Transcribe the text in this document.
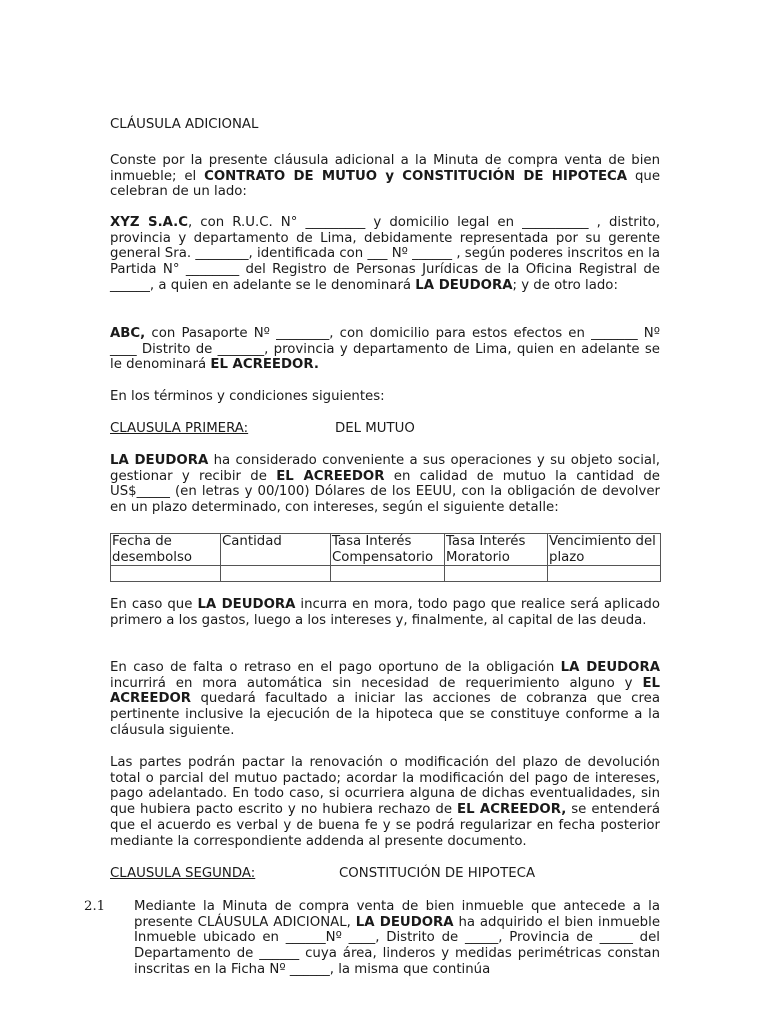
CLÁUSULA ADICIONAL

Conste por la presente cláusula adicional a la Minuta de compra venta de bien inmueble; el CONTRATO DE MUTUO y CONSTITUCIÓN DE HIPOTECA que celebran de un lado:

XYZ S.A.C, con R.U.C. N° _________ y domicilio legal en __________ , distrito, provincia y departamento de Lima, debidamente representada por su gerente general Sra. ________, identificada con ___ Nº ______ , según poderes inscritos en la Partida N° ________ del Registro de Personas Jurídicas de la Oficina Registral de ______, a quien en adelante se le denominará LA DEUDORA; y de otro lado:

ABC, con Pasaporte Nº ________, con domicilio para estos efectos en _______ Nº ____ Distrito de _______, provincia y departamento de Lima, quien en adelante se le denominará EL ACREEDOR.

En los términos y condiciones siguientes:

CLAUSULA PRIMERA:	DEL MUTUO

LA DEUDORA ha considerado conveniente a sus operaciones y su objeto social, gestionar y recibir de EL ACREEDOR en calidad de mutuo la cantidad de US$_____ (en letras y 00/100) Dólares de los EEUU, con la obligación de devolver en un plazo determinado, con intereses, según el siguiente detalle:

Fecha de desembolso	Cantidad	Tasa Interés Compensatorio	Tasa Interés Moratorio	Vencimiento del plazo

En caso que LA DEUDORA incurra en mora, todo pago que realice será aplicado primero a los gastos, luego a los intereses y, finalmente, al capital de las deuda.

En caso de falta o retraso en el pago oportuno de la obligación LA DEUDORA incurrirá en mora automática sin necesidad de requerimiento alguno y EL ACREEDOR quedará facultado a iniciar las acciones de cobranza que crea pertinente inclusive la ejecución de la hipoteca que se constituye conforme a la cláusula siguiente.

Las partes podrán pactar la renovación o modificación del plazo de devolución total o parcial del mutuo pactado; acordar la modificación del pago de intereses, pago adelantado. En todo caso, si ocurriera alguna de dichas eventualidades, sin que hubiera pacto escrito y no hubiera rechazo de EL ACREEDOR, se entenderá que el acuerdo es verbal y de buena fe y se podrá regularizar en fecha posterior mediante la correspondiente addenda al presente documento.

CLAUSULA SEGUNDA:	CONSTITUCIÓN DE HIPOTECA
2.1 Mediante la Minuta de compra venta de bien inmueble que antecede a la presente CLÁUSULA ADICIONAL, LA DEUDORA ha adquirido el bien inmueble Inmueble ubicado en ______Nº ____, Distrito de _____, Provincia de _____ del Departamento de ______ cuya área, linderos y medidas perimétricas constan inscritas en la Ficha Nº ______, la misma que continúa
